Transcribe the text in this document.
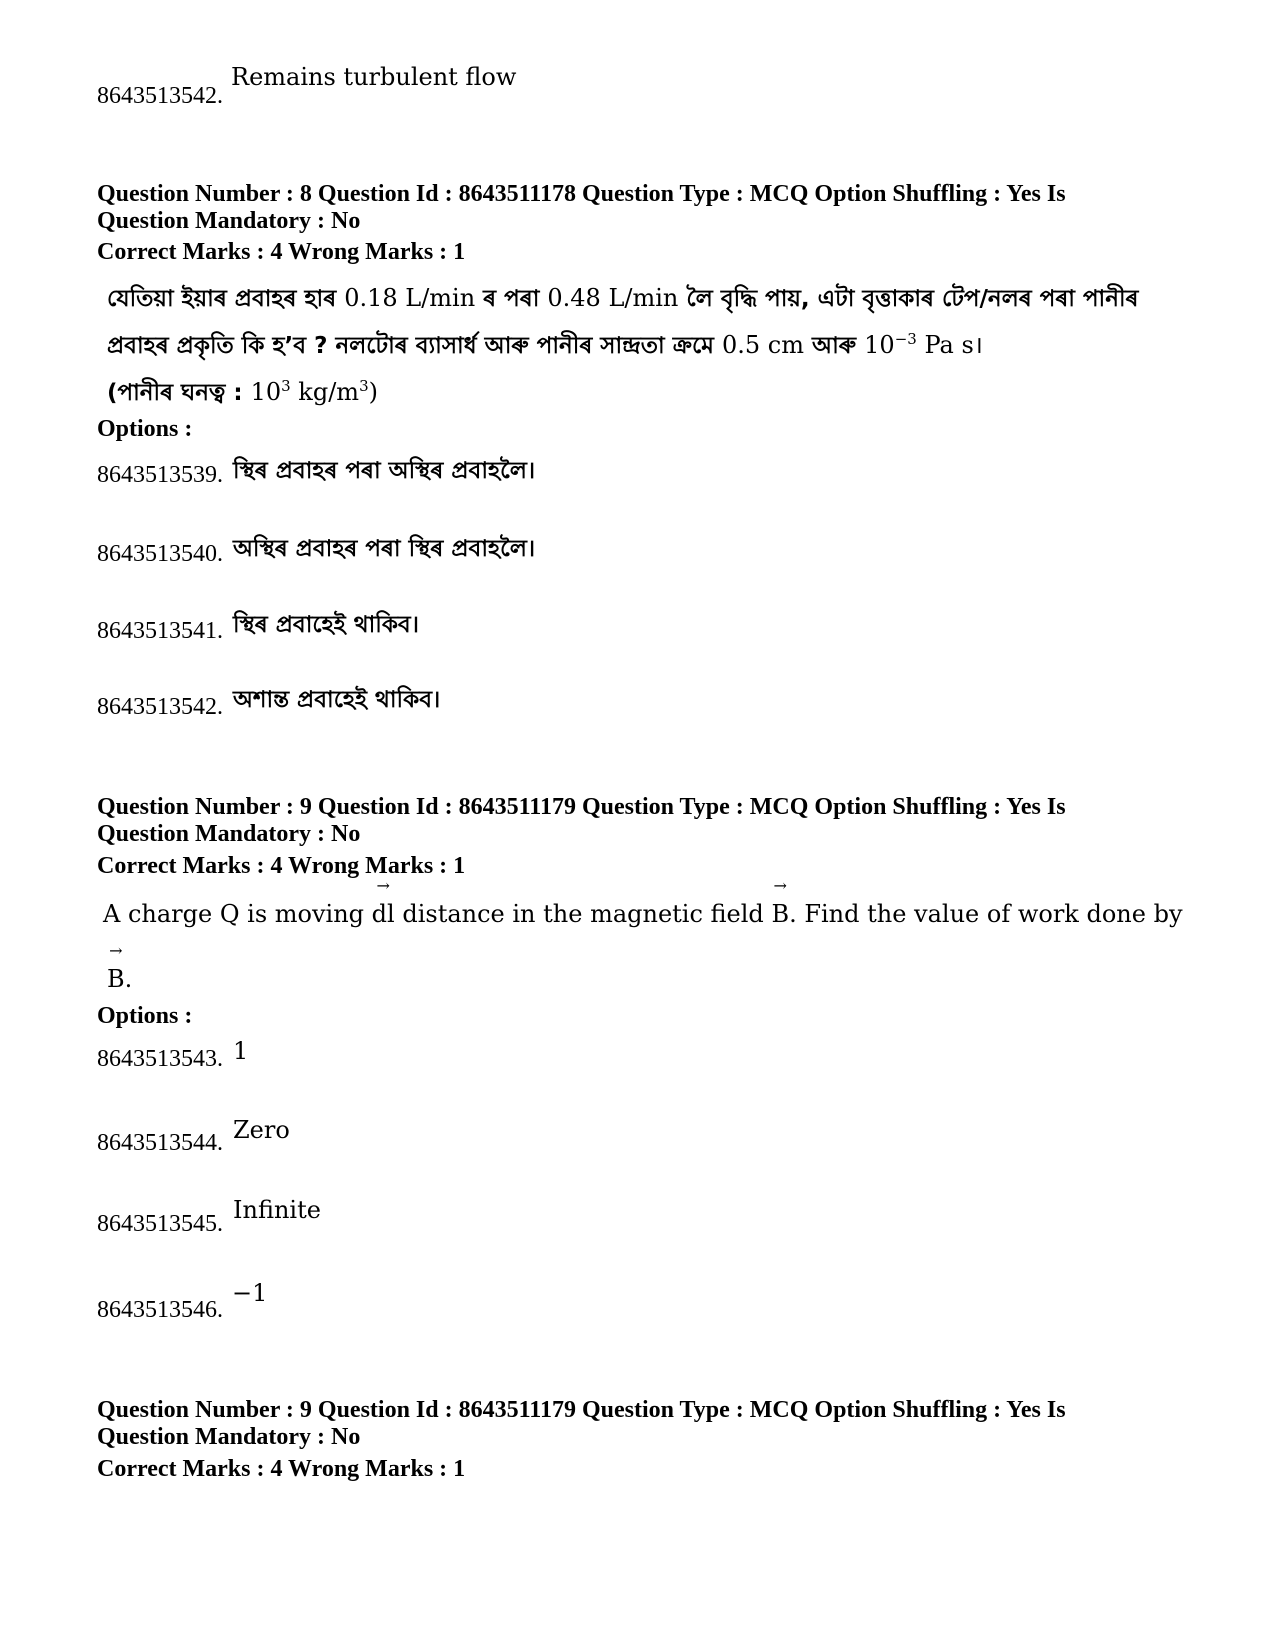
8643513542.
Remains turbulent flow
Question Number : 8 Question Id : 8643511178 Question Type : MCQ Option Shuffling : Yes Is
Question Mandatory : No
Correct Marks : 4 Wrong Marks : 1
যেতিয়া ইয়াৰ প্ৰবাহৰ হাৰ 0.18 L/min ৰ পৰা 0.48 L/min লৈ বৃদ্ধি পায়, এটা বৃত্তাকাৰ টেপ/নলৰ পৰা পানীৰ
প্ৰবাহৰ প্ৰকৃতি কি হ’ব ? নলটোৰ ব্যাসাৰ্ধ আৰু পানীৰ সান্দ্ৰতা ক্ৰমে 0.5 cm আৰু $10^{-3}$ Pa s।
(পানীৰ ঘনত্ব : $10^3$ $kg/m^3$)
Options :
8643513539. স্থিৰ প্ৰবাহৰ পৰা অস্থিৰ প্ৰবাহলৈ।
8643513540. অস্থিৰ প্ৰবাহৰ পৰা স্থিৰ প্ৰবাহলৈ।
8643513541. স্থিৰ প্ৰবাহেই থাকিব।
8643513542. অশান্ত প্ৰবাহেই থাকিব।
Question Number : 9 Question Id : 8643511179 Question Type : MCQ Option Shuffling : Yes Is
Question Mandatory : No
Correct Marks : 4 Wrong Marks : 1
A charge Q is moving
→
dl distance in the magnetic field
→
B. Find the value of work done by
→
B.
Options :
8643513543. 1
8643513544. Zero
8643513545. Infinite
8643513546.
−1
Question Number : 9 Question Id : 8643511179 Question Type : MCQ Option Shuffling : Yes Is
Question Mandatory : No
Correct Marks : 4 Wrong Marks : 1
